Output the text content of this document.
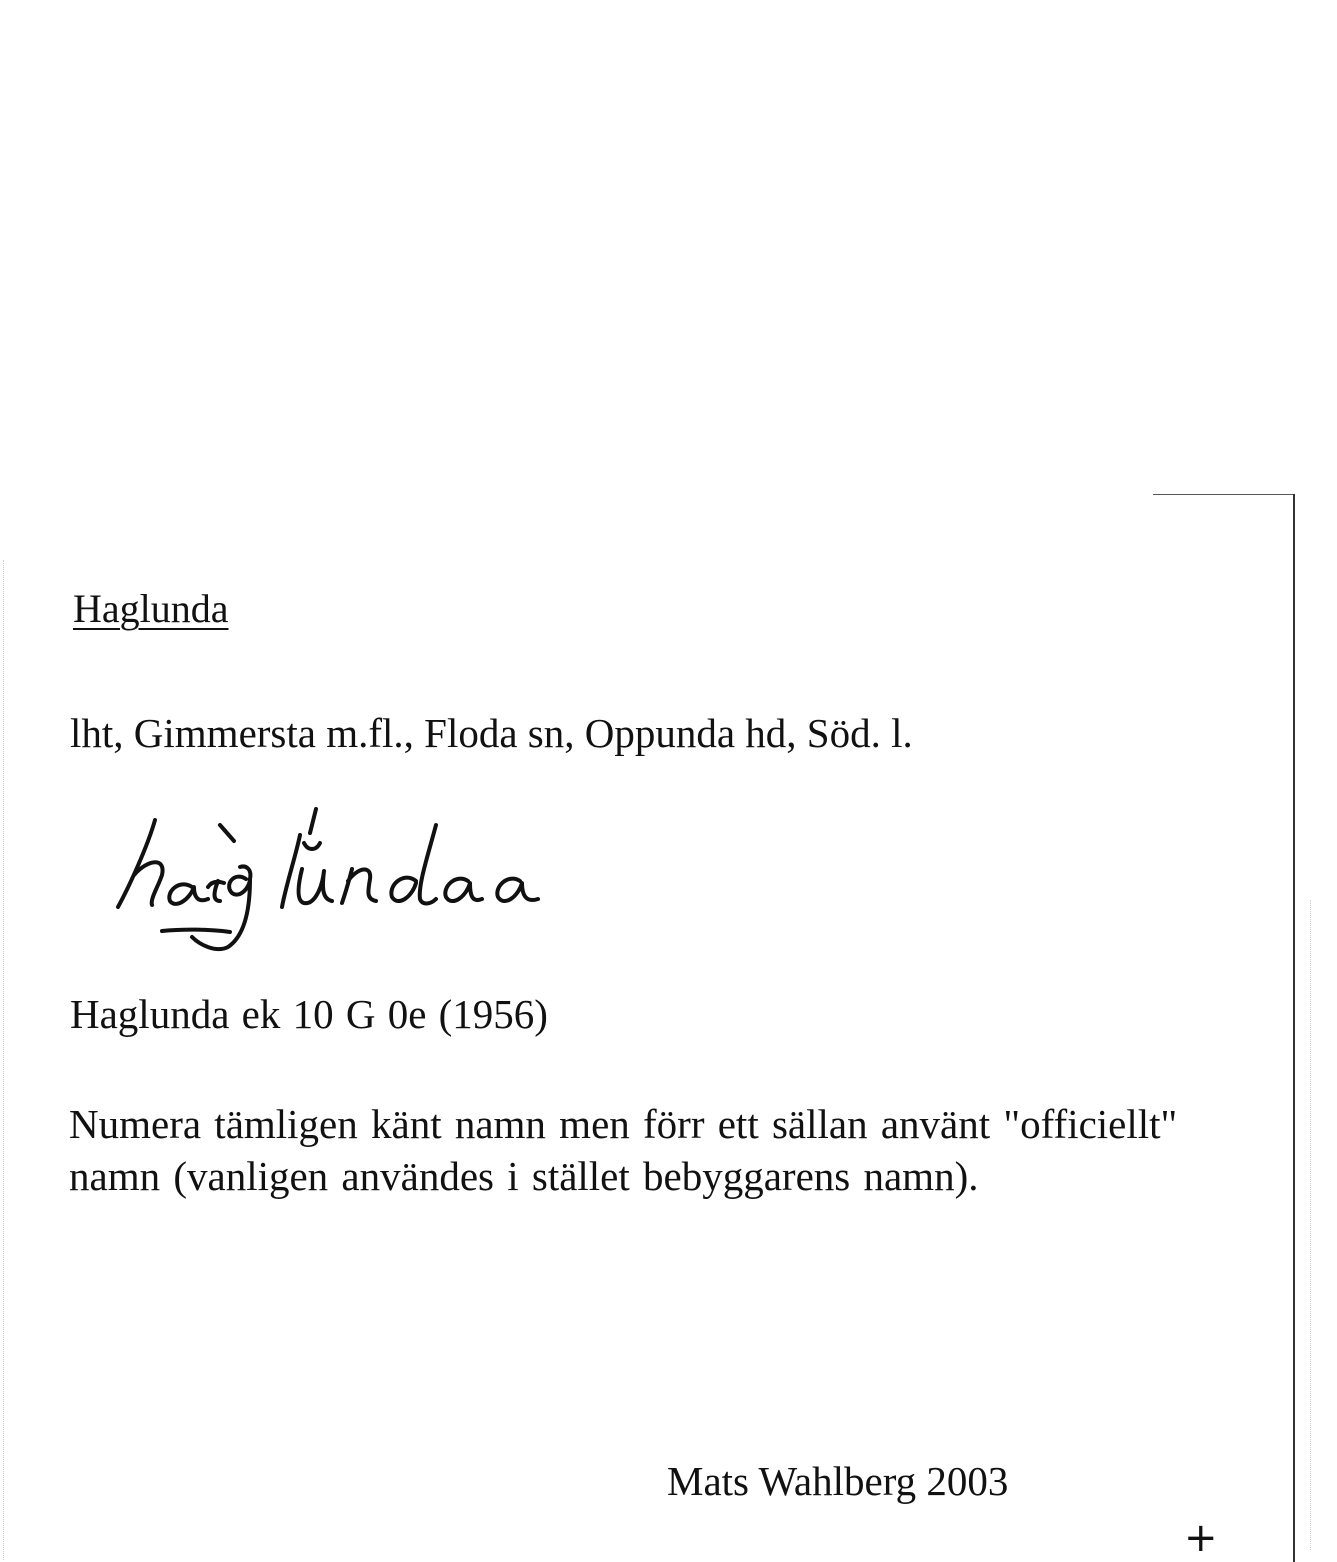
Haglunda
lht, Gimmersta m.fl., Floda sn, Oppunda hd, Söd. l.
Haglunda ek 10 G 0e (1956)

Numera tämligen känt namn men förr ett sällan använt "officiellt" namn (vanligen användes i stället bebyggarens namn).

Mats Wahlberg 2003
+
